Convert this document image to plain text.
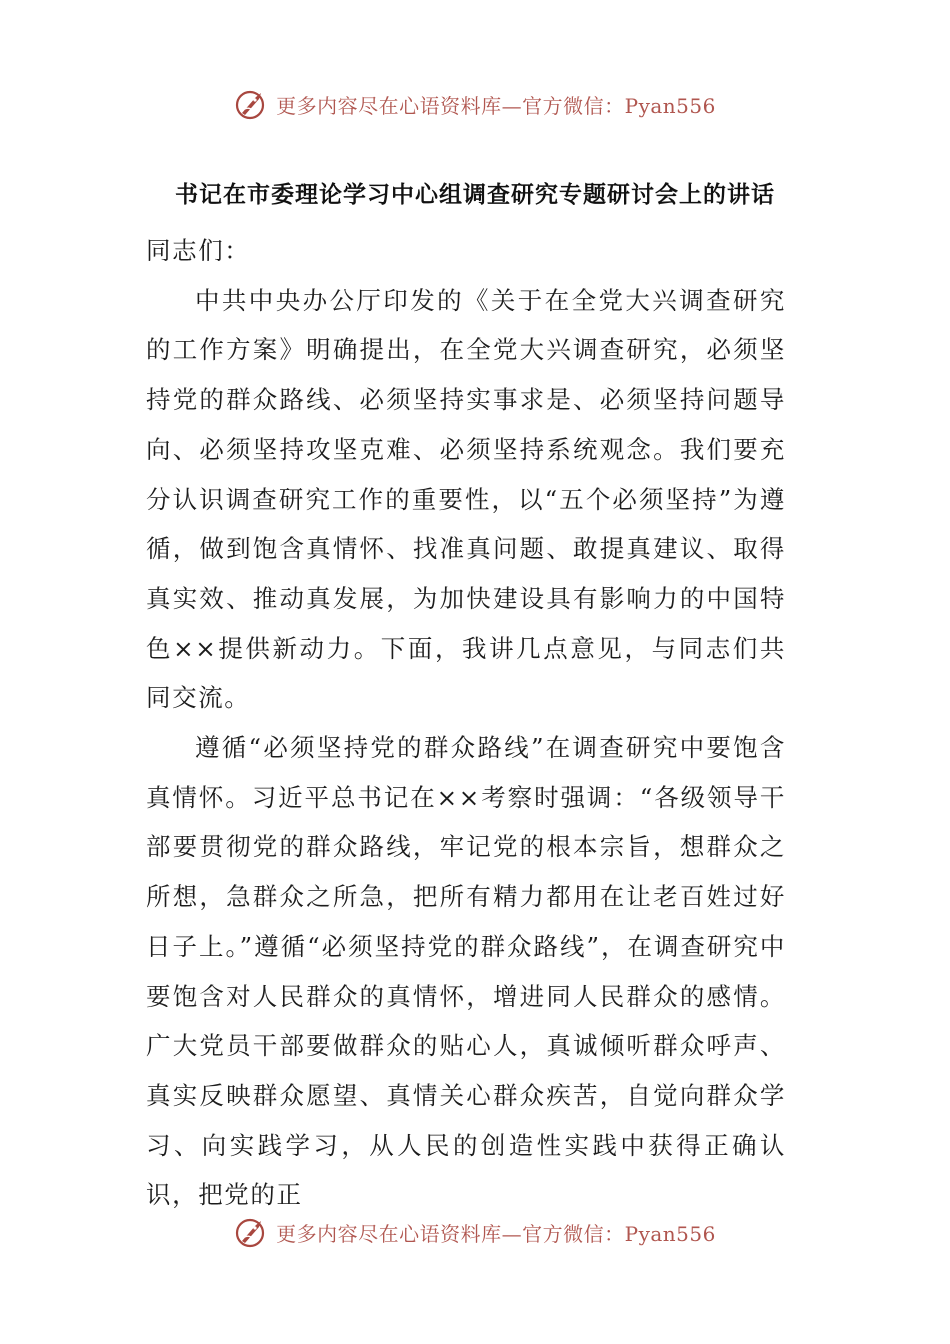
更多内容尽在心语资料库—官方微信：Pyan556
书记在市委理论学习中心组调查研究专题研讨会上的讲话

同志们：

中共中央办公厅印发的《关于在全党大兴调查研究的工作方案》明确提出，在全党大兴调查研究，必须坚持党的群众路线、必须坚持实事求是、必须坚持问题导向、必须坚持攻坚克难、必须坚持系统观念。我们要充分认识调查研究工作的重要性，以“五个必须坚持”为遵循，做到饱含真情怀、找准真问题、敢提真建议、取得真实效、推动真发展，为加快建设具有影响力的中国特色××提供新动力。下面，我讲几点意见，与同志们共同交流。

遵循“必须坚持党的群众路线”在调查研究中要饱含真情怀。习近平总书记在××考察时强调：“各级领导干部要贯彻党的群众路线，牢记党的根本宗旨，想群众之所想，急群众之所急，把所有精力都用在让老百姓过好日子上。”遵循“必须坚持党的群众路线”，在调查研究中要饱含对人民群众的真情怀，增进同人民群众的感情。广大党员干部要做群众的贴心人，真诚倾听群众呼声、真实反映群众愿望、真情关心群众疾苦，自觉向群众学习、向实践学习，从人民的创造性实践中获得正确认识，把党的正

更多内容尽在心语资料库—官方微信：Pyan556
